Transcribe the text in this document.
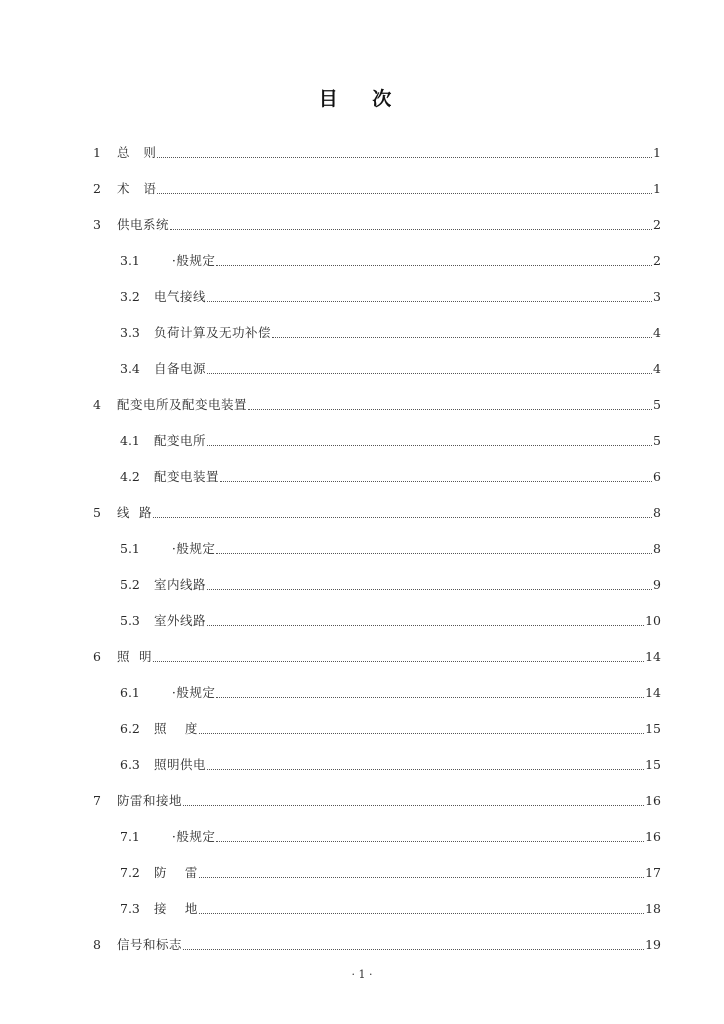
目 次
1	总   则	1
2	术   语	1
3	供电系统	2
3.1	·般规定	2
3.2	电气接线	3
3.3	负荷计算及无功补偿	4
3.4	自备电源	4
4	配变电所及配变电装置	5
4.1	配变电所	5
4.2	配变电装置	6
5	线  路	8
5.1	·般规定	8
5.2	室内线路	9
5.3	室外线路	10
6	照  明	14
6.1	·般规定	14
6.2	照    度	15
6.3	照明供电	15
7	防雷和接地	16
7.1	·般规定	16
7.2	防    雷	17
7.3	接    地	18
8	信号和标志	19
· 1 ·
